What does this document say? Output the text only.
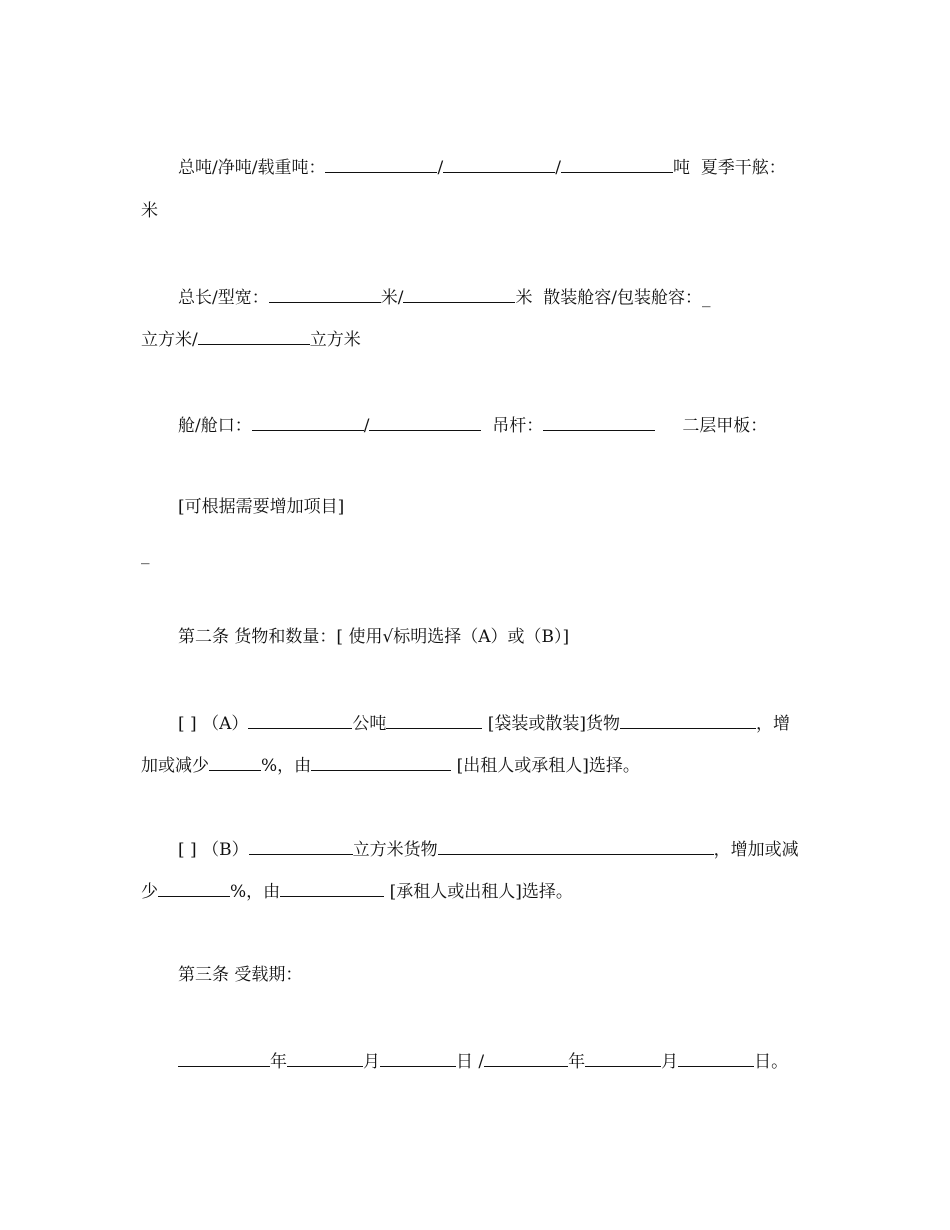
总吨/净吨/载重吨：	/	/	吨 夏季干舷：
米
总长/型宽：	米/	米 散装舱容/包装舱容：_
立方米/	立方米
舱/舱口：	/	吊杆：	二层甲板：
[可根据需要增加项目]
_
第二条 货物和数量：[ 使用√标明选择（A）或（B）]
[ ] （A）	公吨	[袋装或散装]货物	，增
加或减少	%，由	[出租人或承租人]选择。
[ ] （B）	立方米货物	，增加或减
少	%，由	[承租人或出租人]选择。
第三条 受载期：
年	月	日 /	年	月	日。
